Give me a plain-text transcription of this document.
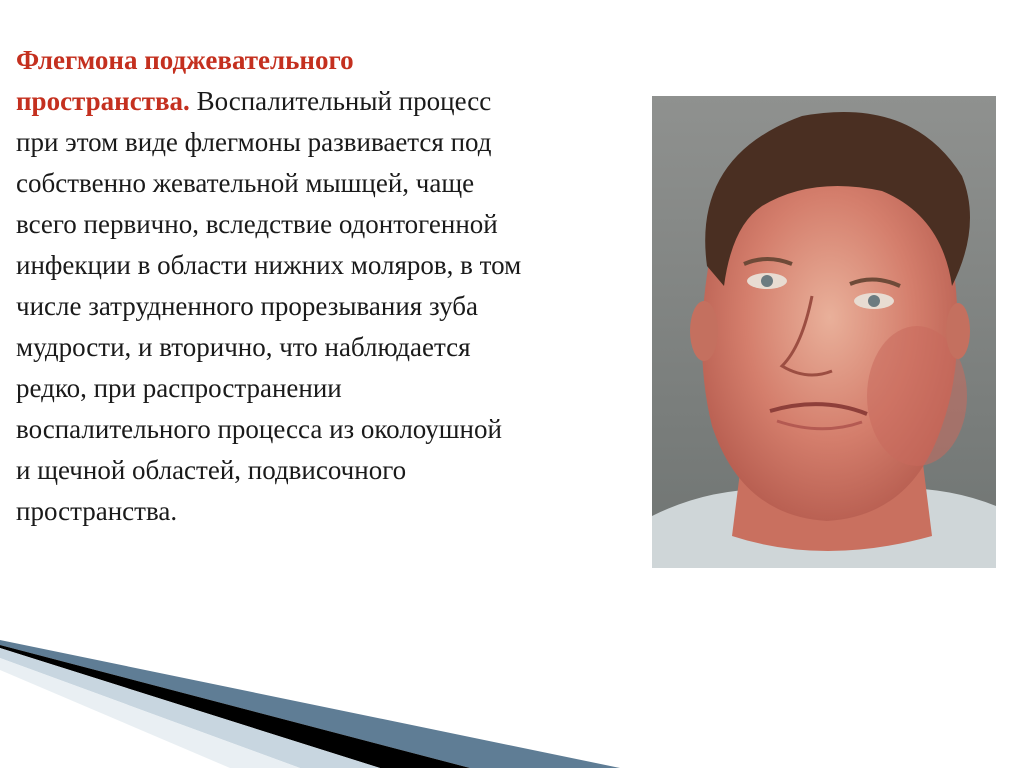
Флегмона поджевательного
пространства. Воспалительный процесс
при этом виде флегмоны развивается под
собственно жевательной мышцей, чаще
всего первично, вследствие одонтогенной
инфекции в области нижних моляров, в том
числе затрудненного прорезывания зуба
мудрости, и вторично, что наблюдается
редко, при распространении
воспалительного процесса из околоушной
и щечной областей, подвисочного
пространства.
